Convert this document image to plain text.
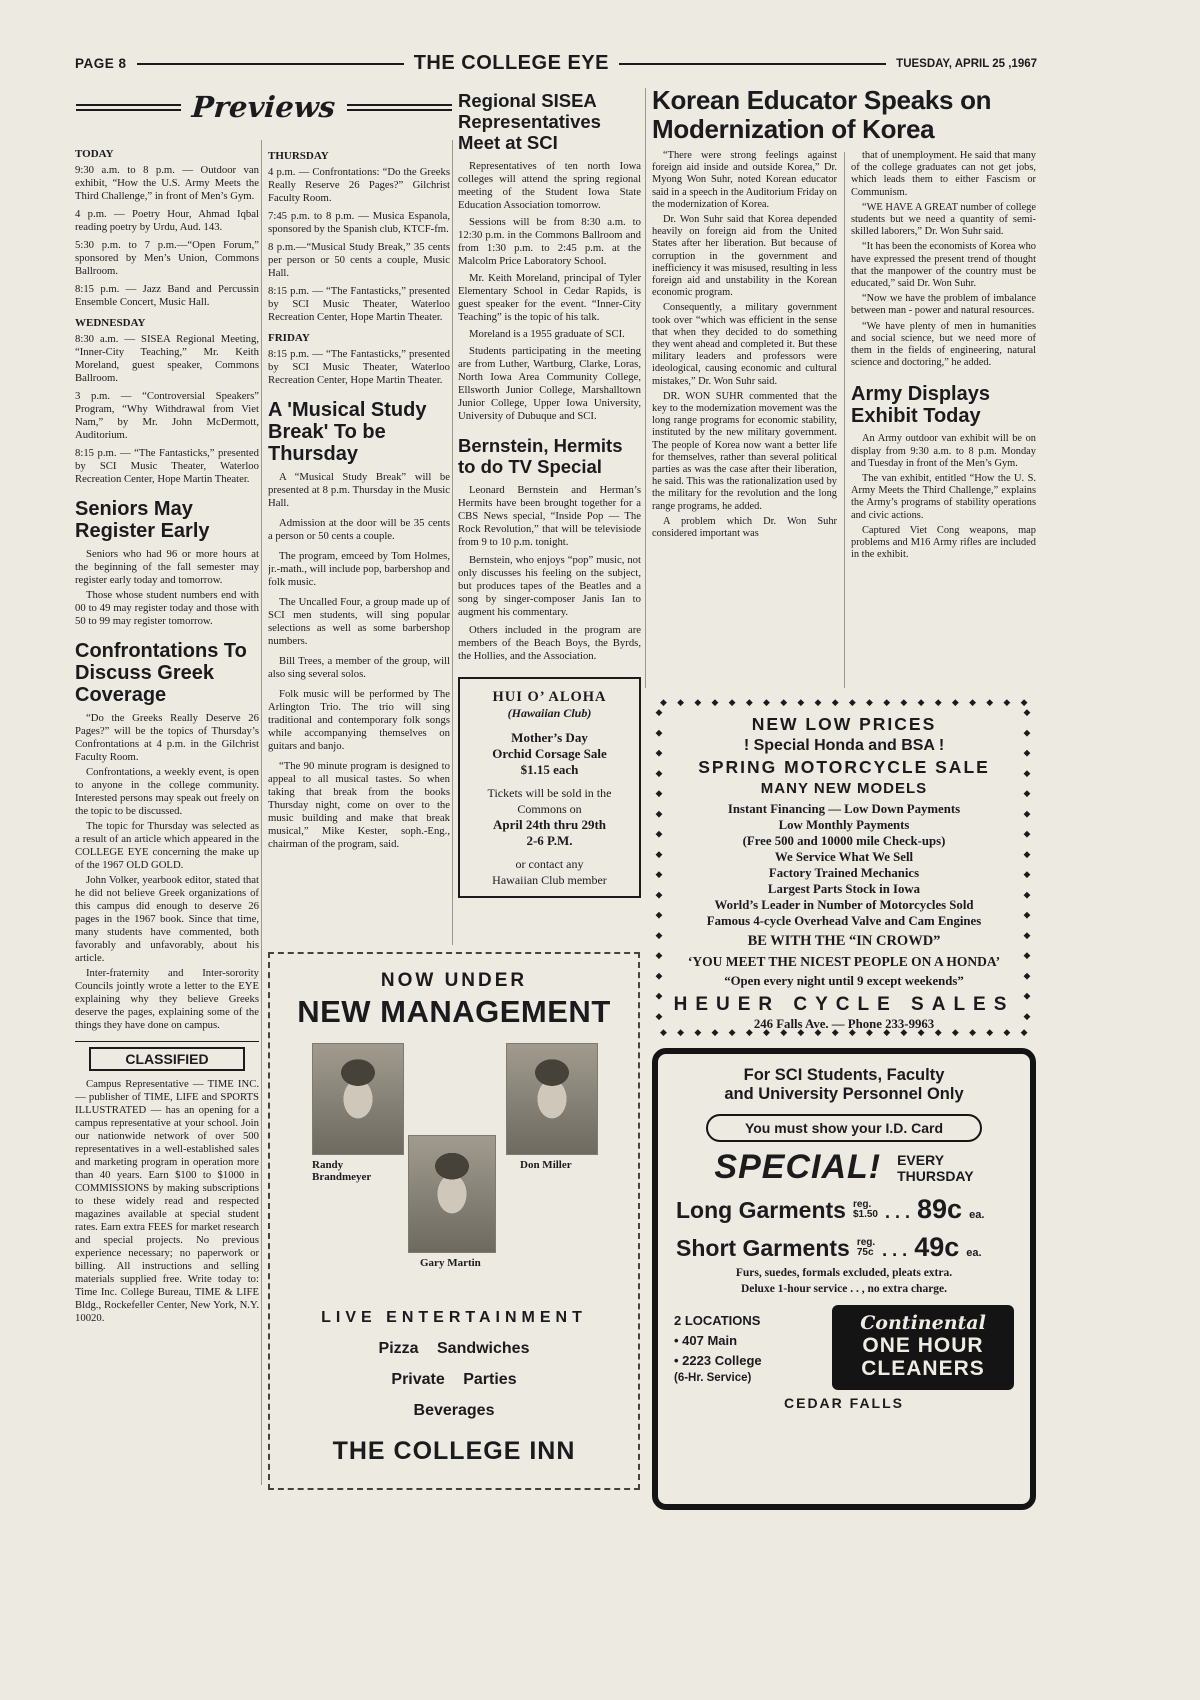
PAGE 8	THE COLLEGE EYE	TUESDAY, APRIL 25 ,1967
Previews
TODAY

9:30 a.m. to 8 p.m. — Outdoor van exhibit, “How the U.S. Army Meets the Third Challenge,” in front of Men’s Gym.

4 p.m. — Poetry Hour, Ahmad Iqbal reading poetry by Urdu, Aud. 143.

5:30 p.m. to 7 p.m.—“Open Forum,” sponsored by Men’s Union, Commons Ballroom.

8:15 p.m. — Jazz Band and Percussin Ensemble Concert, Music Hall.

WEDNESDAY

8:30 a.m. — SISEA Regional Meeting, “Inner-City Teaching,” Mr. Keith Moreland, guest speaker, Commons Ballroom.

3 p.m. — “Controversial Speakers” Program, “Why Withdrawal from Viet Nam,” by Mr. John McDermott, Auditorium.

8:15 p.m. — “The Fantasticks,” presented by SCI Music Theater, Waterloo Recreation Center, Hope Martin Theater.

Seniors May Register Early

Seniors who had 96 or more hours at the beginning of the fall semester may register early today and tomorrow.

Those whose student numbers end with 00 to 49 may register today and those with 50 to 99 may register tomorrow.

Confrontations To Discuss Greek Coverage

“Do the Greeks Really Deserve 26 Pages?” will be the topics of Thursday’s Confrontations at 4 p.m. in the Gilchrist Faculty Room.

Confrontations, a weekly event, is open to anyone in the college community. Interested persons may speak out freely on the topic to be discussed.

The topic for Thursday was selected as a result of an article which appeared in the COLLEGE EYE concerning the make up of the 1967 OLD GOLD.

John Volker, yearbook editor, stated that he did not believe Greek organizations of this campus did enough to deserve 26 pages in the 1967 book. Since that time, many students have commented, both favorably and unfavorably, about his article.

Inter-fraternity and Inter-sorority Councils jointly wrote a letter to the EYE explaining why they believe Greeks deserve the pages, explaining some of the things they have done on campus.

CLASSIFIED

Campus Representative — TIME INC. — publisher of TIME, LIFE and SPORTS ILLUSTRATED — has an opening for a campus representative at your school. Join our nationwide network of over 500 representatives in a well-established sales and marketing program in operation more than 40 years. Earn $100 to $1000 in COMMISSIONS by making subscriptions to these widely read and respected magazines available at special student rates. Earn extra FEES for market research and special projects. No previous experience necessary; no paperwork or billing. All instructions and selling materials supplied free. Write today to: Time Inc. College Bureau, TIME & LIFE Bldg., Rockefeller Center, New York, N.Y. 10020.

THURSDAY

4 p.m. — Confrontations: “Do the Greeks Really Reserve 26 Pages?” Gilchrist Faculty Room.

7:45 p.m. to 8 p.m. — Musica Espanola, sponsored by the Spanish club, KTCF-fm.

8 p.m.—“Musical Study Break,” 35 cents per person or 50 cents a couple, Music Hall.

8:15 p.m. — “The Fantasticks,” presented by SCI Music Theater, Waterloo Recreation Center, Hope Martin Theater.

FRIDAY

8:15 p.m. — “The Fantasticks,” presented by SCI Music Theater, Waterloo Recreation Center, Hope Martin Theater.

A 'Musical Study Break' To be Thursday

A “Musical Study Break” will be presented at 8 p.m. Thursday in the Music Hall.

Admission at the door will be 35 cents a person or 50 cents a couple.

The program, emceed by Tom Holmes, jr.-math., will include pop, barbershop and folk music.

The Uncalled Four, a group made up of SCI men students, will sing popular selections as well as some barbershop numbers.

Bill Trees, a member of the group, will also sing several solos.

Folk music will be performed by The Arlington Trio. The trio will sing traditional and contemporary folk songs while accompanying themselves on guitars and banjo.

“The 90 minute program is designed to appeal to all musical tastes. So when taking that break from the books Thursday night, come on over to the music building and make that break musical,” Mike Kester, soph.-Eng., chairman of the program, said.

Regional SISEA Representatives Meet at SCI

Representatives of ten north Iowa colleges will attend the spring regional meeting of the Student Iowa State Education Association tomorrow.

Sessions will be from 8:30 a.m. to 12:30 p.m. in the Commons Ballroom and from 1:30 p.m. to 2:45 p.m. at the Malcolm Price Laboratory School.

Mr. Keith Moreland, principal of Tyler Elementary School in Cedar Rapids, is guest speaker for the event. “Inner-City Teaching” is the topic of his talk.

Moreland is a 1955 graduate of SCI.

Students participating in the meeting are from Luther, Wartburg, Clarke, Loras, North Iowa Area Community College, Ellsworth Junior College, Marshalltown Junior College, Upper Iowa University, University of Dubuque and SCI.

Bernstein, Hermits to do TV Special

Leonard Bernstein and Herman’s Hermits have been brought together for a CBS News special, “Inside Pop — The Rock Revolution,” that will be televisiode from 9 to 10 p.m. tonight.

Bernstein, who enjoys “pop” music, not only discusses his feeling on the subject, but produces tapes of the Beatles and a song by singer-composer Janis Ian to augment his commentary.

Others included in the program are members of the Beach Boys, the Byrds, the Hollies, and the Association.

HUI O’ ALOHA
(Hawaiian Club)
Mother’s Day
Orchid Corsage Sale
$1.15 each
Tickets will be sold in the
Commons on
April 24th thru 29th
2-6 P.M.
or contact any
Hawaiian Club member
Korean Educator Speaks on Modernization of Korea

“There were strong feelings against foreign aid inside and outside Korea,” Dr. Myong Won Suhr, noted Korean educator said in a speech in the Auditorium Friday on the modernization of Korea.

Dr. Won Suhr said that Korea depended heavily on foreign aid from the United States after her liberation. But because of corruption in the government and inefficiency it was misused, resulting in less foreign aid and unstability in the Korean economic program.

Consequently, a military government took over “which was efficient in the sense that when they decided to do something they went ahead and completed it. But these military leaders and professors were ideological, causing economic and cultural mistakes,” Dr. Won Suhr said.

DR. WON SUHR commented that the key to the modernization movement was the long range programs for economic stability, instituted by the new military government. The people of Korea now want a better life for themselves, rather than several political parties as was the case after their liberation, he said. This was the rationalization used by the military for the revolution and the long range programs, he added.

A problem which Dr. Won Suhr considered important was

that of unemployment. He said that many of the college graduates can not get jobs, which leads them to either Fascism or Communism.

“WE HAVE A GREAT number of college students but we need a quantity of semi-skilled laborers,” Dr. Won Suhr said.

“It has been the economists of Korea who have expressed the present trend of thought that the manpower of the country must be educated,” said Dr. Won Suhr.

“Now we have the problem of imbalance between man - power and natural resources.

“We have plenty of men in humanities and social science, but we need more of them in the fields of engineering, natural science and doctoring,” he added.

Army Displays Exhibit Today

An Army outdoor van exhibit will be on display from 9:30 a.m. to 8 p.m. Monday and Tuesday in front of the Men’s Gym.

The van exhibit, entitled “How the U. S. Army Meets the Third Challenge,” explains the Army’s programs of stability operations and civic actions.

Captured Viet Cong weapons, map problems and M16 Army rifles are included in the exhibit.

◆ ◆ ◆ ◆ ◆ ◆ ◆ ◆ ◆ ◆ ◆ ◆ ◆ ◆ ◆ ◆ ◆ ◆ ◆ ◆ ◆ ◆ ◆ ◆ ◆ ◆ ◆ ◆ ◆ ◆ ◆ ◆ ◆ ◆
◆ ◆ ◆ ◆ ◆ ◆ ◆ ◆ ◆ ◆ ◆ ◆ ◆ ◆ ◆ ◆ ◆ ◆ ◆ ◆ ◆ ◆ ◆ ◆ ◆ ◆ ◆ ◆ ◆ ◆ ◆ ◆ ◆ ◆
◆ ◆ ◆ ◆ ◆ ◆ ◆ ◆ ◆ ◆ ◆ ◆ ◆ ◆ ◆ ◆ ◆ ◆ ◆ ◆ ◆ ◆ ◆ ◆
◆ ◆ ◆ ◆ ◆ ◆ ◆ ◆ ◆ ◆ ◆ ◆ ◆ ◆ ◆ ◆ ◆ ◆ ◆ ◆ ◆ ◆ ◆ ◆
NEW LOW PRICES
! Special Honda and BSA !
SPRING MOTORCYCLE SALE
MANY NEW MODELS
Instant Financing — Low Down Payments
Low Monthly Payments
(Free 500 and 10000 mile Check-ups)
We Service What We Sell
Factory Trained Mechanics
Largest Parts Stock in Iowa
World’s Leader in Number of Motorcycles Sold
Famous 4-cycle Overhead Valve and Cam Engines
BE WITH THE “IN CROWD”
‘YOU MEET THE NICEST PEOPLE ON A HONDA’
“Open every night until 9 except weekends”
HEUER CYCLE SALES
246 Falls Ave. — Phone 233-9963
NOW UNDER
NEW MANAGEMENT
Randy Brandmeyer
Don Miller
Gary Martin
LIVE ENTERTAINMENT
Pizza Sandwiches
Private Parties
Beverages
THE COLLEGE INN
For SCI Students, Faculty
and University Personnel Only
You must show your I.D. Card
SPECIAL! EVERY
THURSDAY
Long Garments reg.
$1.50 . . . 89c ea.
Short Garments reg.
75c . . . 49c ea.
Furs, suedes, formals excluded, pleats extra.
Deluxe 1-hour service . . , no extra charge.
2 LOCATIONS
• 407 Main
• 2223 College
(6-Hr. Service)
Continental
ONE HOUR
CLEANERS
CEDAR FALLS
